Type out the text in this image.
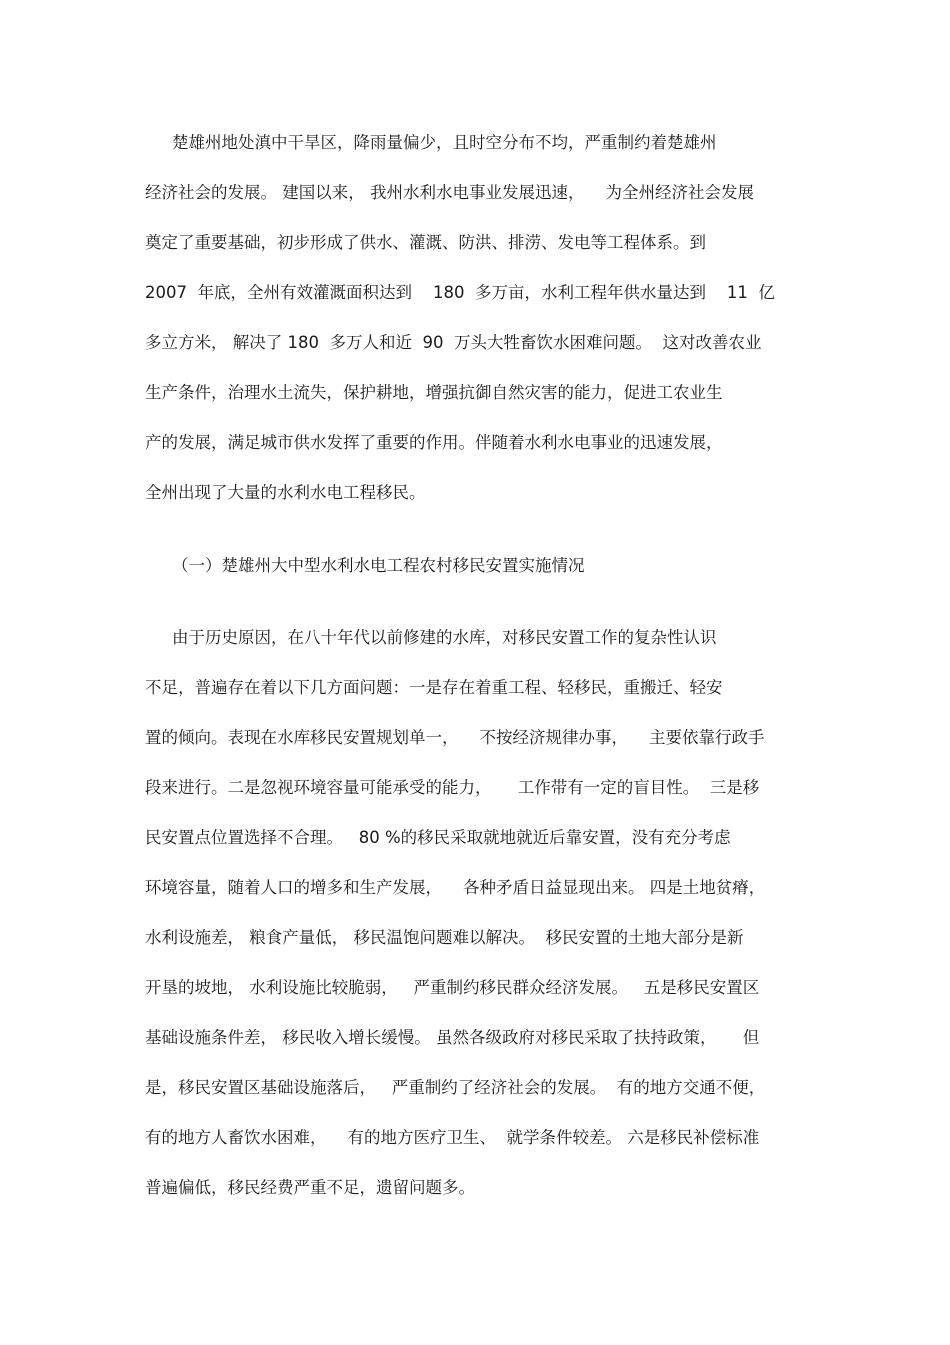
楚雄州地处滇中干旱区，降雨量偏少，且时空分布不均，严重制约着楚雄州

经济社会的发展。 建国以来， 我州水利水电事业发展迅速，    为全州经济社会发展

奠定了重要基础，初步形成了供水、灌溉、防洪、排涝、发电等工程体系。到

2007  年底，全州有效灌溉面积达到    180  多万亩，水利工程年供水量达到    11  亿

多立方米， 解决了 180  多万人和近  90  万头大牲畜饮水困难问题。  这对改善农业

生产条件，治理水土流失，保护耕地，增强抗御自然灾害的能力，促进工农业生

产的发展，满足城市供水发挥了重要的作用。伴随着水利水电事业的迅速发展，

全州出现了大量的水利水电工程移民。

（一）楚雄州大中型水利水电工程农村移民安置实施情况

由于历史原因，在八十年代以前修建的水库，对移民安置工作的复杂性认识

不足，普遍存在着以下几方面问题：一是存在着重工程、轻移民，重搬迁、轻安

置的倾向。表现在水库移民安置规划单一，    不按经济规律办事，    主要依靠行政手

段来进行。二是忽视环境容量可能承受的能力，     工作带有一定的盲目性。  三是移

民安置点位置选择不合理。   80 %的移民采取就地就近后靠安置，没有充分考虑

环境容量，随着人口的增多和生产发展，    各种矛盾日益显现出来。 四是土地贫瘠，

水利设施差， 粮食产量低， 移民温饱问题难以解决。  移民安置的土地大部分是新

开垦的坡地， 水利设施比较脆弱，   严重制约移民群众经济发展。   五是移民安置区

基础设施条件差， 移民收入增长缓慢。 虽然各级政府对移民采取了扶持政策，     但

是，移民安置区基础设施落后，   严重制约了经济社会的发展。  有的地方交通不便，

有的地方人畜饮水困难，    有的地方医疗卫生、  就学条件较差。 六是移民补偿标准

普遍偏低，移民经费严重不足，遗留问题多。
